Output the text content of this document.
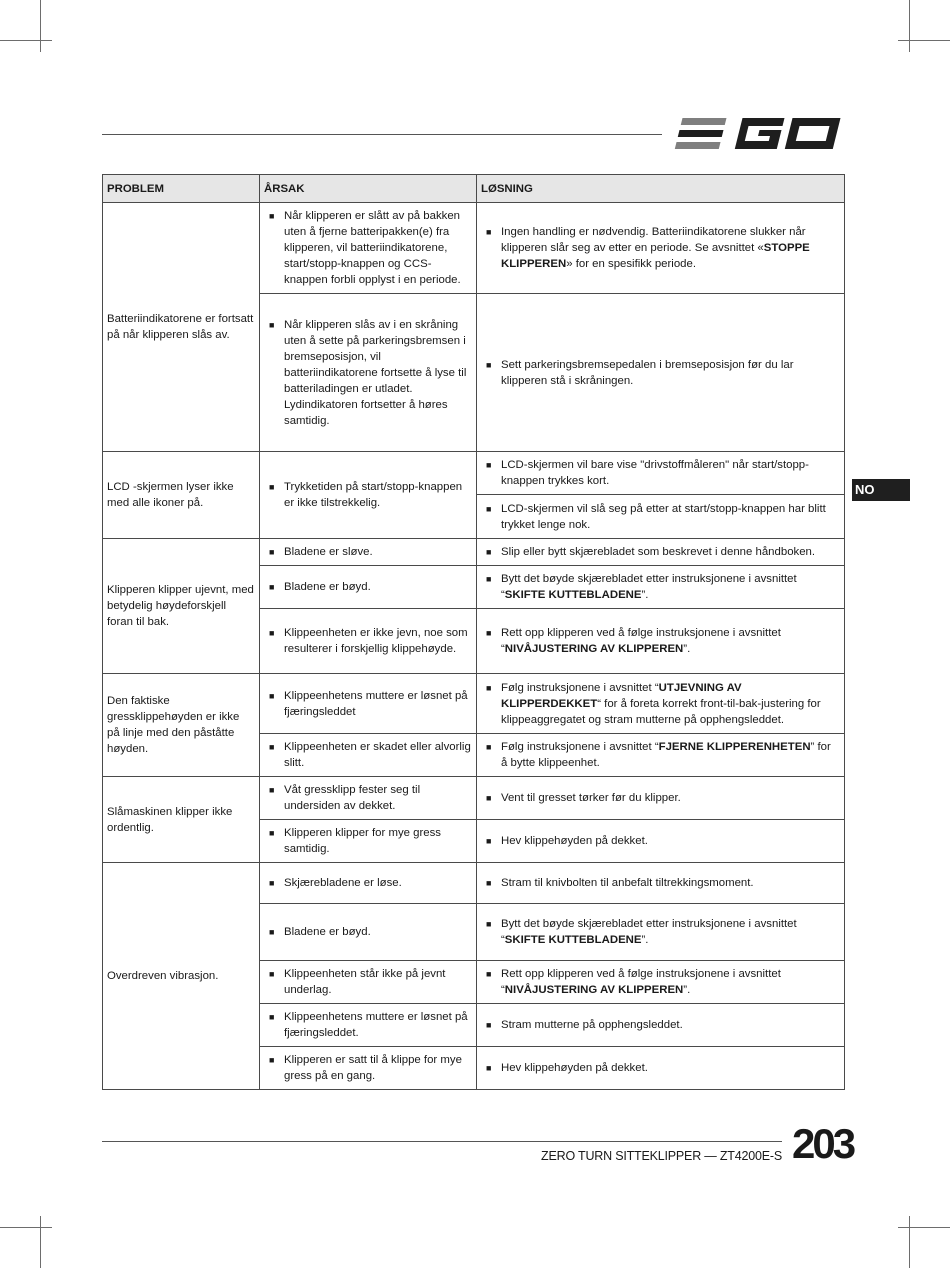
NO
PROBLEM	ÅRSAK	LØSNING
Batteriindikatorene er fortsatt på når klipperen slås av.	■ Når klipperen er slått av på bakken uten å fjerne batteripakken(e) fra klipperen, vil batteriindikatorene, start/stopp-knappen og CCS-knappen forbli opplyst i en periode.	■ Ingen handling er nødvendig. Batteriindikatorene slukker når klipperen slår seg av etter en periode. Se avsnittet «STOPPE KLIPPEREN» for en spesifikk periode.

	■ Når klipperen slås av i en skråning uten å sette på parkeringsbremsen i bremseposisjon, vil batteriindikatorene fortsette å lyse til batteriladingen er utladet. Lydindikatoren fortsetter å høres samtidig.	■ Sett parkeringsbremsepedalen i bremseposisjon før du lar klipperen stå i skråningen.

LCD -skjermen lyser ikke med alle ikoner på.	■ Trykketiden på start/stopp-knappen er ikke tilstrekkelig.	■ LCD-skjermen vil bare vise "drivstoffmåleren" når start/stopp-knappen trykkes kort.

		■ LCD-skjermen vil slå seg på etter at start/stopp-knappen har blitt trykket lenge nok.

Klipperen klipper ujevnt, med betydelig høydeforskjell foran til bak.	■ Bladene er sløve.	■ Slip eller bytt skjærebladet som beskrevet i denne håndboken.

	■ Bladene er bøyd.	■ Bytt det bøyde skjærebladet etter instruksjonene i avsnittet “SKIFTE KUTTEBLADENE”.

	■ Klippeenheten er ikke jevn, noe som resulterer i forskjellig klippehøyde.	■ Rett opp klipperen ved å følge instruksjonene i avsnittet “NIVÅJUSTERING AV KLIPPEREN”.

Den faktiske gressklippehøyden er ikke på linje med den påståtte høyden.	■ Klippeenhetens muttere er løsnet på fjæringsleddet	■ Følg instruksjonene i avsnittet “UTJEVNING AV KLIPPERDEKKET“ for å foreta korrekt front-til-bak-justering for klippeaggregatet og stram mutterne på opphengsleddet.

	■ Klippeenheten er skadet eller alvorlig slitt.	■ Følg instruksjonene i avsnittet “FJERNE KLIPPERENHETEN” for å bytte klippeenhet.

Slåmaskinen klipper ikke ordentlig.	■ Våt gressklipp fester seg til undersiden av dekket.	■ Vent til gresset tørker før du klipper.

	■ Klipperen klipper for mye gress samtidig.	■ Hev klippehøyden på dekket.

Overdreven vibrasjon.	■ Skjærebladene er løse.	■ Stram til knivbolten til anbefalt tiltrekkingsmoment.

	■ Bladene er bøyd.	■ Bytt det bøyde skjærebladet etter instruksjonene i avsnittet “SKIFTE KUTTEBLADENE”.

	■ Klippeenheten står ikke på jevnt underlag.	■ Rett opp klipperen ved å følge instruksjonene i avsnittet “NIVÅJUSTERING AV KLIPPEREN”.

	■ Klippeenhetens muttere er løsnet på fjæringsleddet.	■ Stram mutterne på opphengsleddet.

	■ Klipperen er satt til å klippe for mye gress på en gang.	■ Hev klippehøyden på dekket.
ZERO TURN SITTEKLIPPER — ZT4200E-S 203
